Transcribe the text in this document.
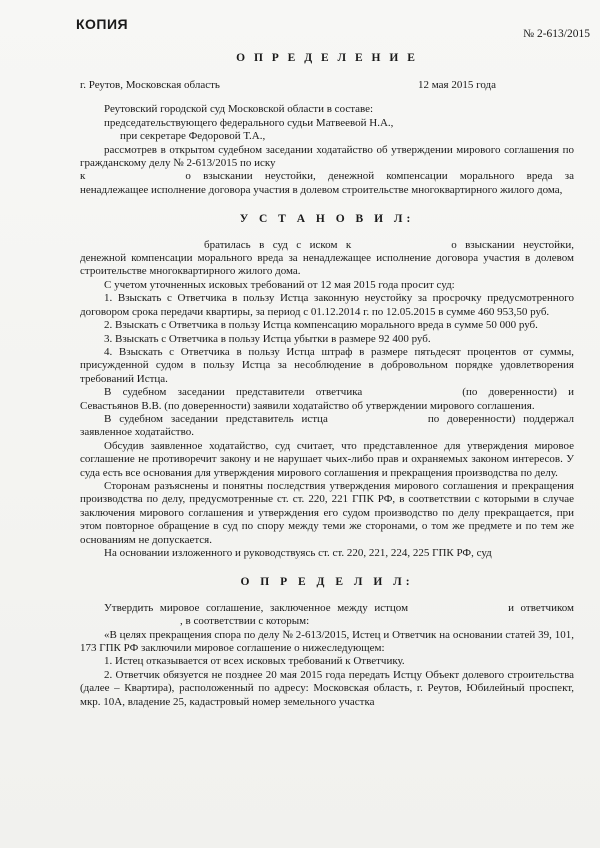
КОПИЯ
№ 2-613/2015
О П Р Е Д Е Л Е Н И Е
г. Реутов, Московская область	12 мая 2015 года

Реутовский городской суд Московской области в составе:

председательствующего федерального судьи Матвеевой Н.А.,

при секретаре Федоровой Т.А.,

рассмотрев в открытом судебном заседании ходатайство об утверждении мирового соглашения по гражданскому делу № 2-613/2015 по иску

к	о взыскании неустойки, денежной компенсации морального вреда за ненадлежащее исполнение договора участия в долевом строительстве многоквартирного жилого дома,

У С Т А Н О В И Л:

братилась в суд с иском к	о взыскании неустойки, денежной компенсации морального вреда за ненадлежащее исполнение договора участия в долевом строительстве многоквартирного жилого дома.

С учетом уточненных исковых требований от 12 мая 2015 года просит суд:

1. Взыскать с Ответчика в пользу Истца законную неустойку за просрочку предусмотренного договором срока передачи квартиры, за период с 01.12.2014 г. по 12.05.2015 в сумме 460 953,50 руб.

2. Взыскать с Ответчика в пользу Истца компенсацию морального вреда в сумме 50 000 руб.

3. Взыскать с Ответчика в пользу Истца убытки в размере 92 400 руб.

4. Взыскать с Ответчика в пользу Истца штраф в размере пятьдесят процентов от суммы, присужденной судом в пользу Истца за несоблюдение в добровольном порядке удовлетворения требований Истца.

В судебном заседании представители ответчика	(по доверенности) и Севастьянов В.В. (по доверенности) заявили ходатайство об утверждении мирового соглашения.

В судебном заседании представитель истца	по доверенности) поддержал заявленное ходатайство.

Обсудив заявленное ходатайство, суд считает, что представленное для утверждения мировое соглашение не противоречит закону и не нарушает чьих-либо прав и охраняемых законом интересов. У суда есть все основания для утверждения мирового соглашения и прекращения производства по делу.

Сторонам разъяснены и понятны последствия утверждения мирового соглашения и прекращения производства по делу, предусмотренные ст. ст. 220, 221 ГПК РФ, в соответствии с которыми в случае заключения мирового соглашения и утверждения его судом производство по делу прекращается, при этом повторное обращение в суд по спору между теми же сторонами, о том же предмете и по тем же основаниям не допускается.

На основании изложенного и руководствуясь ст. ст. 220, 221, 224, 225 ГПК РФ, суд

О П Р Е Д Е Л И Л:

Утвердить мировое соглашение, заключенное между истцом	и ответчиком, в соответствии с которым:

«В целях прекращения спора по делу № 2-613/2015, Истец и Ответчик на основании статей 39, 101, 173 ГПК РФ заключили мировое соглашение о нижеследующем:

1. Истец отказывается от всех исковых требований к Ответчику.

2. Ответчик обязуется не позднее 20 мая 2015 года передать Истцу Объект долевого строительства (далее – Квартира), расположенный по адресу: Московская область, г. Реутов, Юбилейный проспект, мкр. 10А, владение 25, кадастровый номер земельного участка
